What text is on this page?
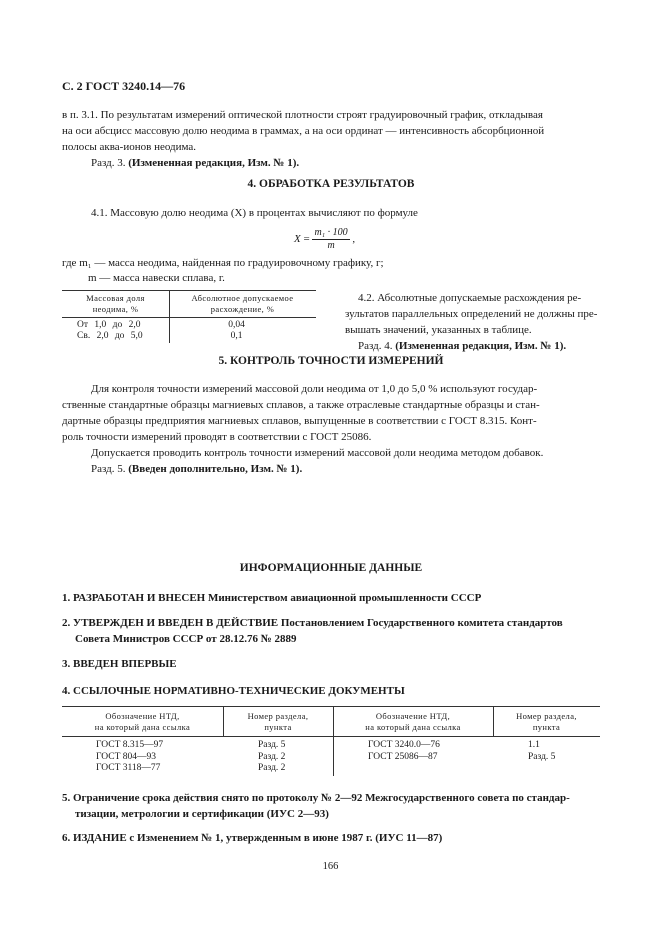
С. 2 ГОСТ 3240.14—76
в п. 3.1. По результатам измерений оптической плотности строят градуировочный график, откладывая
на оси абсцисс массовую долю неодима в граммах, а на оси ординат — интенсивность абсорбционной
полосы аква-ионов неодима.
Разд. 3. (Измененная редакция, Изм. № 1).
4. ОБРАБОТКА РЕЗУЛЬТАТОВ
4.1. Массовую долю неодима (X) в процентах вычисляют по формуле
$X = \frac{\text{m₁ · 100}}{m}$ ,
где m₁ — масса неодима, найденная по градуировочному графику, г;
m — масса навески сплава, г.
Массовая доля
неодима, %
Абсолютное допускаемое
расхождение, %
От 1,0 до 2,0	0,04
Св. 2,0 до 5,0	0,1
4.2. Абсолютные допускаемые расхождения ре-
зультатов параллельных определений не должны пре-
вышать значений, указанных в таблице.
Разд. 4. (Измененная редакция, Изм. № 1).
5. КОНТРОЛЬ ТОЧНОСТИ ИЗМЕРЕНИЙ
Для контроля точности измерений массовой доли неодима от 1,0 до 5,0 % используют государ-
ственные стандартные образцы магниевых сплавов, а также отраслевые стандартные образцы и стан-
дартные образцы предприятия магниевых сплавов, выпущенные в соответствии с ГОСТ 8.315. Конт-
роль точности измерений проводят в соответствии с ГОСТ 25086.
Допускается проводить контроль точности измерений массовой доли неодима методом добавок.
Разд. 5. (Введен дополнительно, Изм. № 1).
ИНФОРМАЦИОННЫЕ ДАННЫЕ
1. РАЗРАБОТАН И ВНЕСЕН Министерством авиационной промышленности СССР
2. УТВЕРЖДЕН И ВВЕДЕН В ДЕЙСТВИЕ Постановлением Государственного комитета стандартов
Совета Министров СССР от 28.12.76 № 2889
3. ВВЕДЕН ВПЕРВЫЕ
4. ССЫЛОЧНЫЕ НОРМАТИВНО-ТЕХНИЧЕСКИЕ ДОКУМЕНТЫ
Обозначение НТД,
на который дана ссылка
Номер раздела,
пункта
Обозначение НТД,
на который дана ссылка
Номер раздела,
пункта
ГОСТ 8.315—97
ГОСТ 804—93
ГОСТ 3118—77
Разд. 5
Разд. 2
Разд. 2
ГОСТ 3240.0—76
ГОСТ 25086—87
1.1
Разд. 5
5. Ограничение срока действия снято по протоколу № 2—92 Межгосударственного совета по стандар-
тизации, метрологии и сертификации (ИУС 2—93)
6. ИЗДАНИЕ с Изменением № 1, утвержденным в июне 1987 г. (ИУС 11—87)
166
